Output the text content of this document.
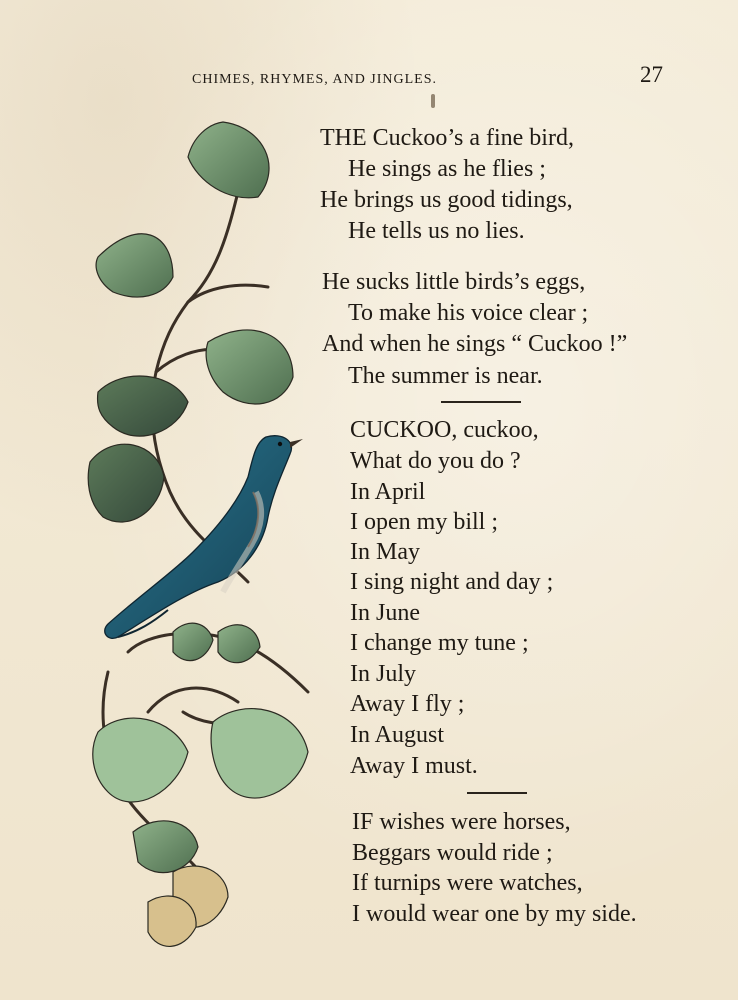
CHIMES, RHYMES, AND JINGLES.	27
THE Cuckoo’s a fine bird,
He sings as he flies ;
He brings us good tidings,
He tells us no lies.
He sucks little birds’s eggs,
To make his voice clear ;
And when he sings “ Cuckoo !”
The summer is near.
CUCKOO, cuckoo,
What do you do ?
In April
I open my bill ;
In May
I sing night and day ;
In June
I change my tune ;
In July
Away I fly ;
In August
Away I must.
IF wishes were horses,
Beggars would ride ;
If turnips were watches,
I would wear one by my side.
